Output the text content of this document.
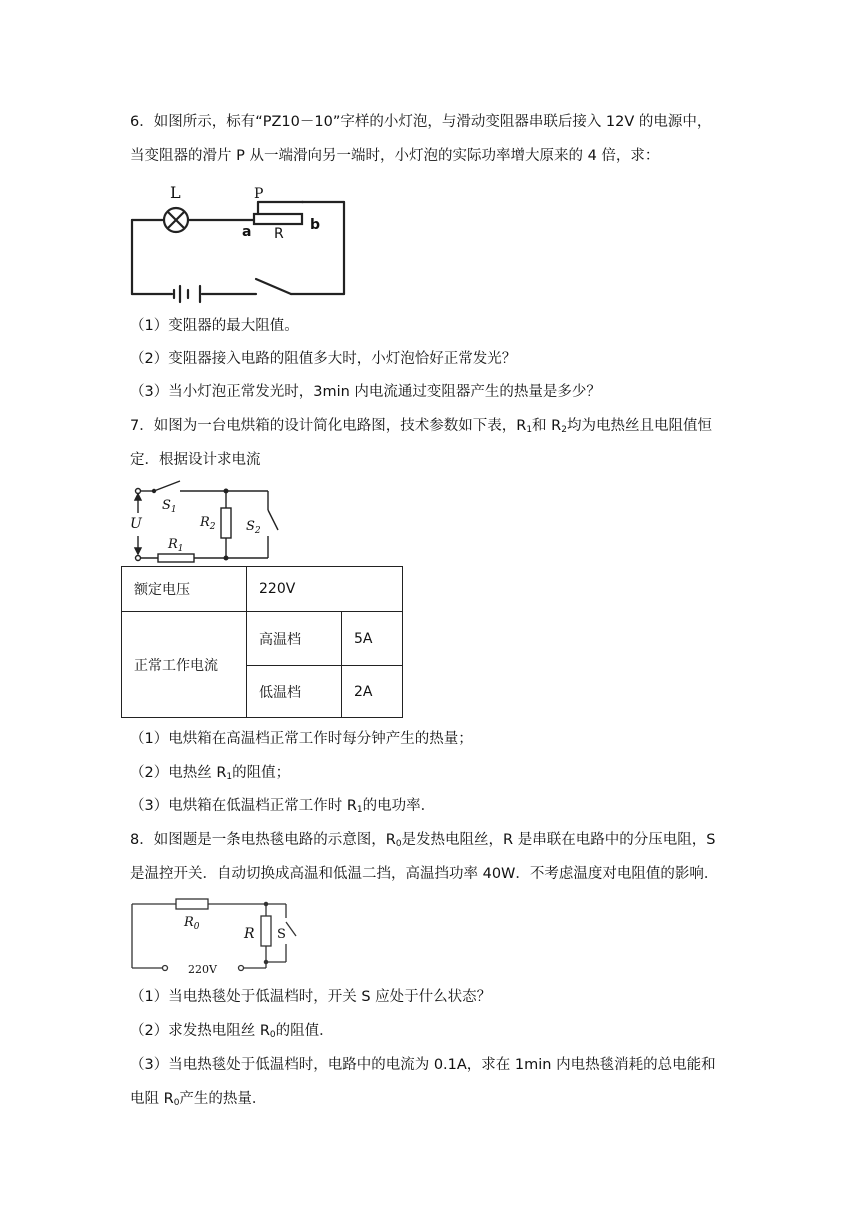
6．如图所示，标有“PZ10－10”字样的小灯泡，与滑动变阻器串联后接入 12V 的电源中，
当变阻器的滑片 P 从一端滑向另一端时，小灯泡的实际功率增大原来的 4 倍，求：
L	P
a R
b
（1）变阻器的最大阻值。
（2）变阻器接入电路的阻值多大时，小灯泡恰好正常发光？
（3）当小灯泡正常发光时，3min 内电流通过变阻器产生的热量是多少？
7．如图为一台电烘箱的设计简化电路图，技术参数如下表，$R_1$和 $R_2$均为电热丝且电阻值恒
定．根据设计求电流
$S_1$
$R_2$ $S_2$
U
$R_1$
额定电压	220V	
正常工作电流	高温档	5A
	低温档	2A
（1）电烘箱在高温档正常工作时每分钟产生的热量；
（2）电热丝 $R_1$的阻值；
（3）电烘箱在低温档正常工作时 $R_1$的电功率．
8．如图题是一条电热毯电路的示意图，$R_0$是发热电阻丝，R 是串联在电路中的分压电阻，S
是温控开关．自动切换成高温和低温二挡，高温挡功率 40W．不考虑温度对电阻值的影响．
$R_0$	R S
220V
（1）当电热毯处于低温档时，开关 S 应处于什么状态？
（2）求发热电阻丝 $R_0$的阻值．
（3）当电热毯处于低温档时，电路中的电流为 0.1A，求在 1min 内电热毯消耗的总电能和
电阻 $R_0$产生的热量．
